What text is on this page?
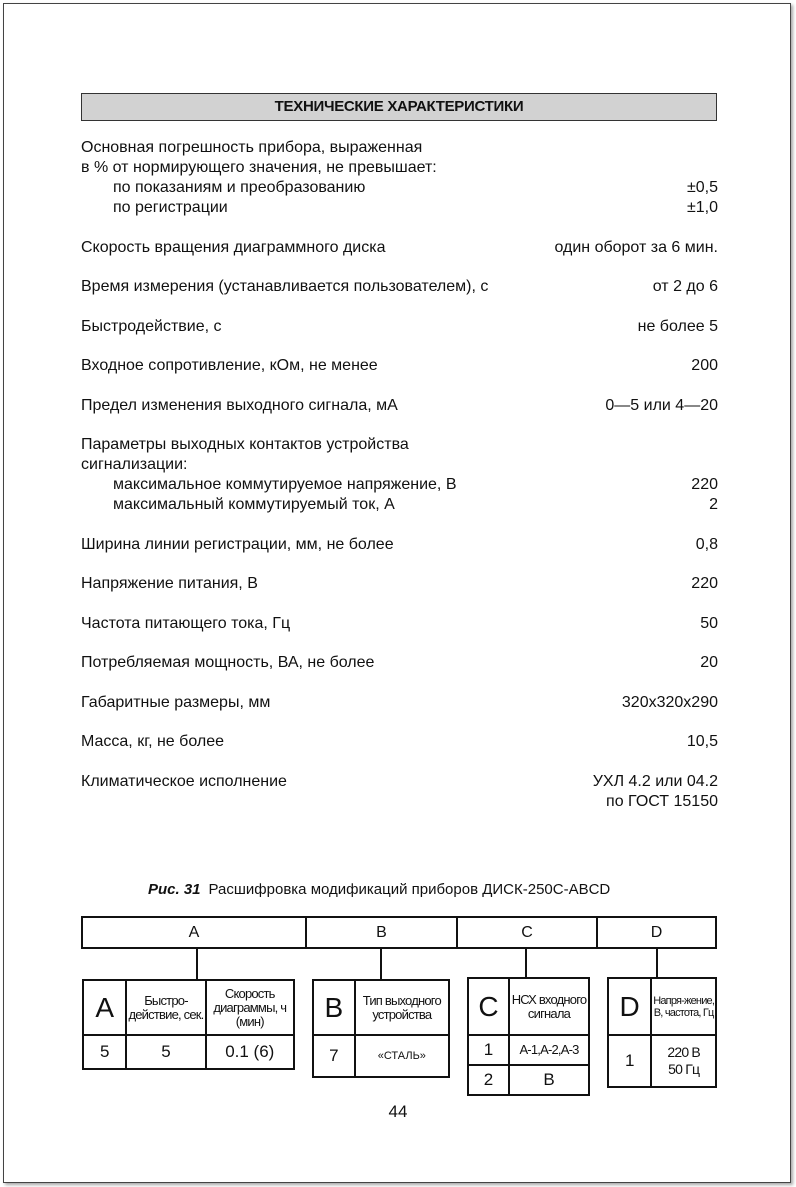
ТЕХНИЧЕСКИЕ ХАРАКТЕРИСТИКИ
Основная погрешность прибора, выраженная
в % от нормирующего значения, не превышает:
по показаниям и преобразованию	±0,5
по регистрации	±1,0
Скорость вращения диаграммного диска	один оборот за 6 мин.
Время измерения (устанавливается пользователем), с	от 2 до 6
Быстродействие, с	не более 5
Входное сопротивление, кОм, не менее	200
Предел изменения выходного сигнала, мА	0—5 или 4—20
Параметры выходных контактов устройства
сигнализации:
максимальное коммутируемое напряжение, В	220
максимальный коммутируемый ток, А	2
Ширина линии регистрации, мм, не более	0,8
Напряжение питания, В	220
Частота питающего тока, Гц	50
Потребляемая мощность, ВА, не более	20
Габаритные размеры, мм	320x320x290
Масса, кг, не более	10,5
Климатическое исполнение	УХЛ 4.2 или 04.2
по ГОСТ 15150
Рис. 31 Расшифровка модификаций приборов ДИСК-250С-ABCD
A	B	C	D
A	Быстро-действие, сек.	Скорость диаграммы, ч (мин)
5	5	0.1 (6)
B	Тип выходного устройства
7	«СТАЛЬ»
C	НСХ входного сигнала
1	А-1,А-2,А-3
2	B
D	Напря-жение, В, частота, Гц
1	220 В
50 Гц
44
